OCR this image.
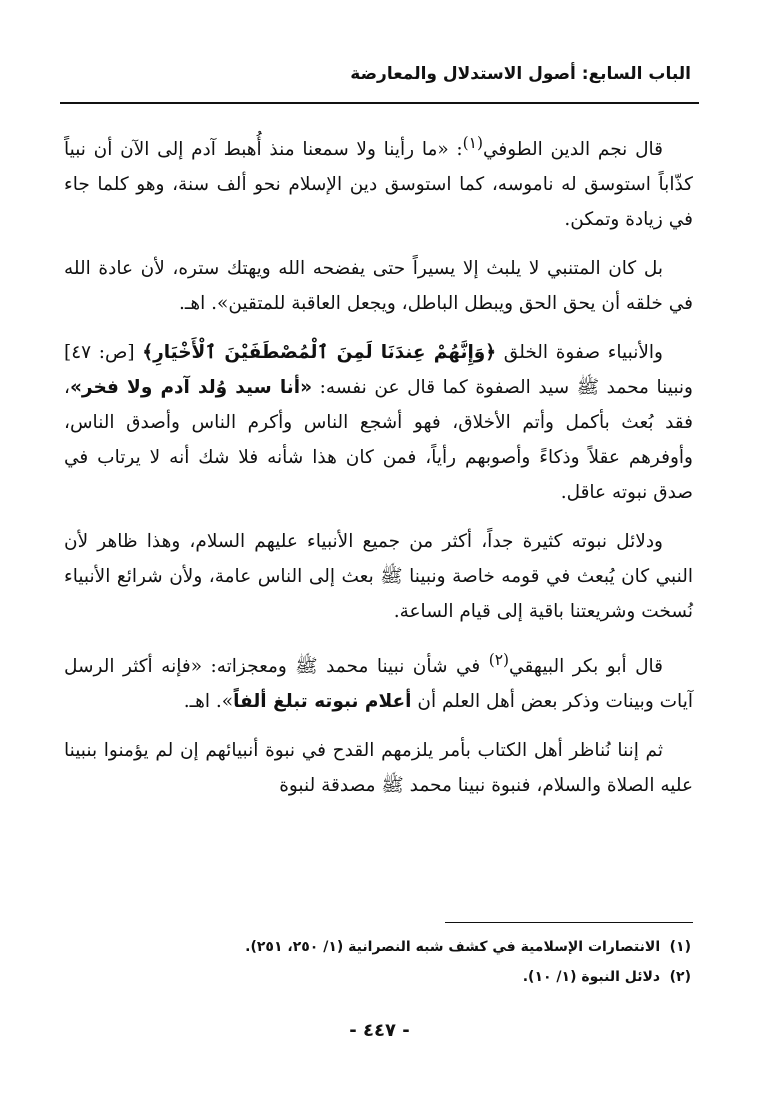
الباب السابع: أصول الاستدلال والمعارضة

قال نجم الدين الطوفي$^{(١)}$: «ما رأينا ولا سمعنا منذ أُهبط آدم إلى الآن أن نبياً كذّاباً استوسق له ناموسه، كما استوسق دين الإسلام نحو ألف سنة، وهو كلما جاء في زيادة وتمكن.

بل كان المتنبي لا يلبث إلا يسيراً حتى يفضحه الله ويهتك ستره، لأن عادة الله في خلقه أن يحق الحق ويبطل الباطل، ويجعل العاقبة للمتقين». اهـ.

والأنبياء صفوة الخلق ﴿وَإِنَّهُمْ عِندَنَا لَمِنَ ٱلْمُصْطَفَيْنَ ٱلْأَخْيَارِ﴾ [ص: ٤٧] ونبينا محمد ﷺ سيد الصفوة كما قال عن نفسه: «أنا سيد وُلد آدم ولا فخر»، فقد بُعث بأكمل وأتم الأخلاق، فهو أشجع الناس وأكرم الناس وأصدق الناس، وأوفرهم عقلاً وذكاءً وأصوبهم رأياً، فمن كان هذا شأنه فلا شك أنه لا يرتاب في صدق نبوته عاقل.

ودلائل نبوته كثيرة جداً، أكثر من جميع الأنبياء عليهم السلام، وهذا ظاهر لأن النبي كان يُبعث في قومه خاصة ونبينا ﷺ بعث إلى الناس عامة، ولأن شرائع الأنبياء نُسخت وشريعتنا باقية إلى قيام الساعة.

قال أبو بكر البيهقي$^{(٢)}$ في شأن نبينا محمد ﷺ ومعجزاته: «فإنه أكثر الرسل آيات وبينات وذكر بعض أهل العلم أن أعلام نبوته تبلغ ألفاً». اهـ.

ثم إننا نُناظر أهل الكتاب بأمر يلزمهم القدح في نبوة أنبيائهم إن لم يؤمنوا بنبينا عليه الصلاة والسلام، فنبوة نبينا محمد ﷺ مصدقة لنبوة

(١) الانتصارات الإسلامية في كشف شبه النصرانية (١/ ٢٥٠، ٢٥١).
(٢) دلائل النبوة (١/ ١٠).
- ٤٤٧ -
